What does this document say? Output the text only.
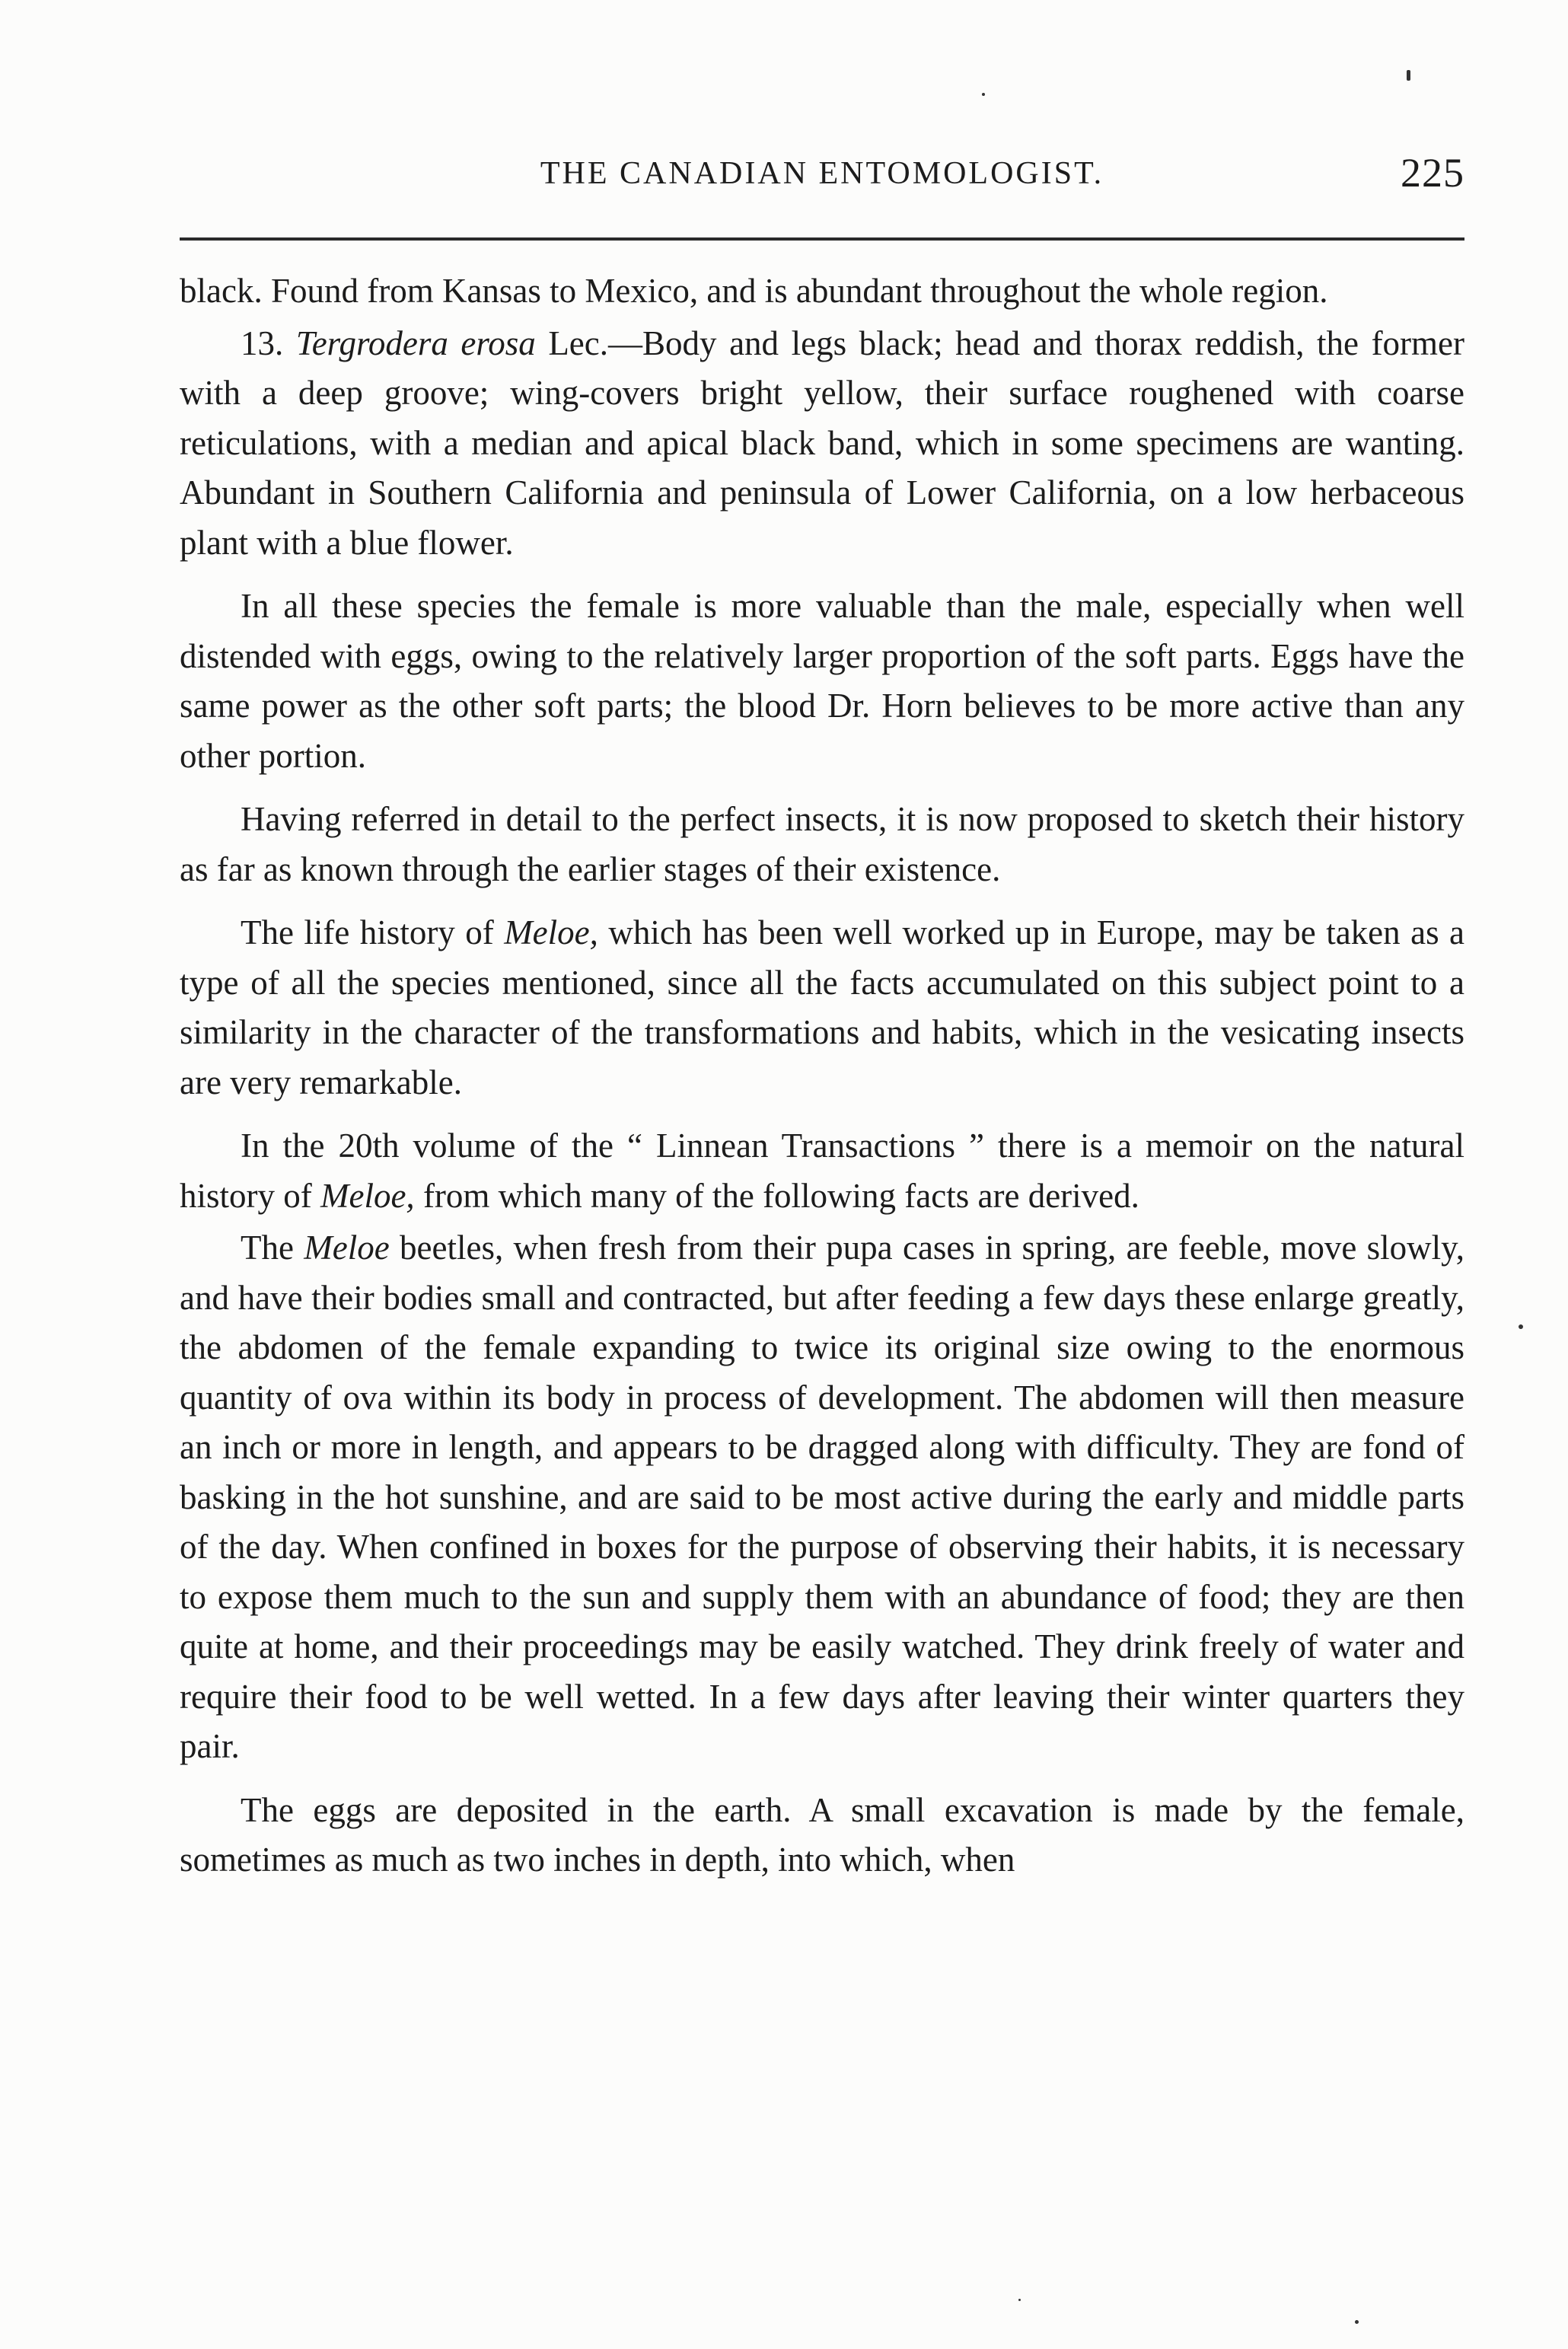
THE CANADIAN ENTOMOLOGIST.	225

black. Found from Kansas to Mexico, and is abundant throughout the whole region.

13. Tergrodera erosa Lec.—Body and legs black; head and thorax reddish, the former with a deep groove; wing-covers bright yellow, their surface roughened with coarse reticulations, with a median and apical black band, which in some specimens are wanting. Abundant in Southern California and peninsula of Lower California, on a low herbaceous plant with a blue flower.

In all these species the female is more valuable than the male, especially when well distended with eggs, owing to the relatively larger proportion of the soft parts. Eggs have the same power as the other soft parts; the blood Dr. Horn believes to be more active than any other portion.

Having referred in detail to the perfect insects, it is now proposed to sketch their history as far as known through the earlier stages of their existence.

The life history of Meloe, which has been well worked up in Europe, may be taken as a type of all the species mentioned, since all the facts accumulated on this subject point to a similarity in the character of the transformations and habits, which in the vesicating insects are very remarkable.

In the 20th volume of the “ Linnean Transactions ” there is a memoir on the natural history of Meloe, from which many of the following facts are derived.

The Meloe beetles, when fresh from their pupa cases in spring, are feeble, move slowly, and have their bodies small and contracted, but after feeding a few days these enlarge greatly, the abdomen of the female expanding to twice its original size owing to the enormous quantity of ova within its body in process of development. The abdomen will then measure an inch or more in length, and appears to be dragged along with difficulty. They are fond of basking in the hot sunshine, and are said to be most active during the early and middle parts of the day. When confined in boxes for the purpose of observing their habits, it is necessary to expose them much to the sun and supply them with an abundance of food; they are then quite at home, and their proceedings may be easily watched. They drink freely of water and require their food to be well wetted. In a few days after leaving their winter quarters they pair.

The eggs are deposited in the earth. A small excavation is made by the female, sometimes as much as two inches in depth, into which, when
